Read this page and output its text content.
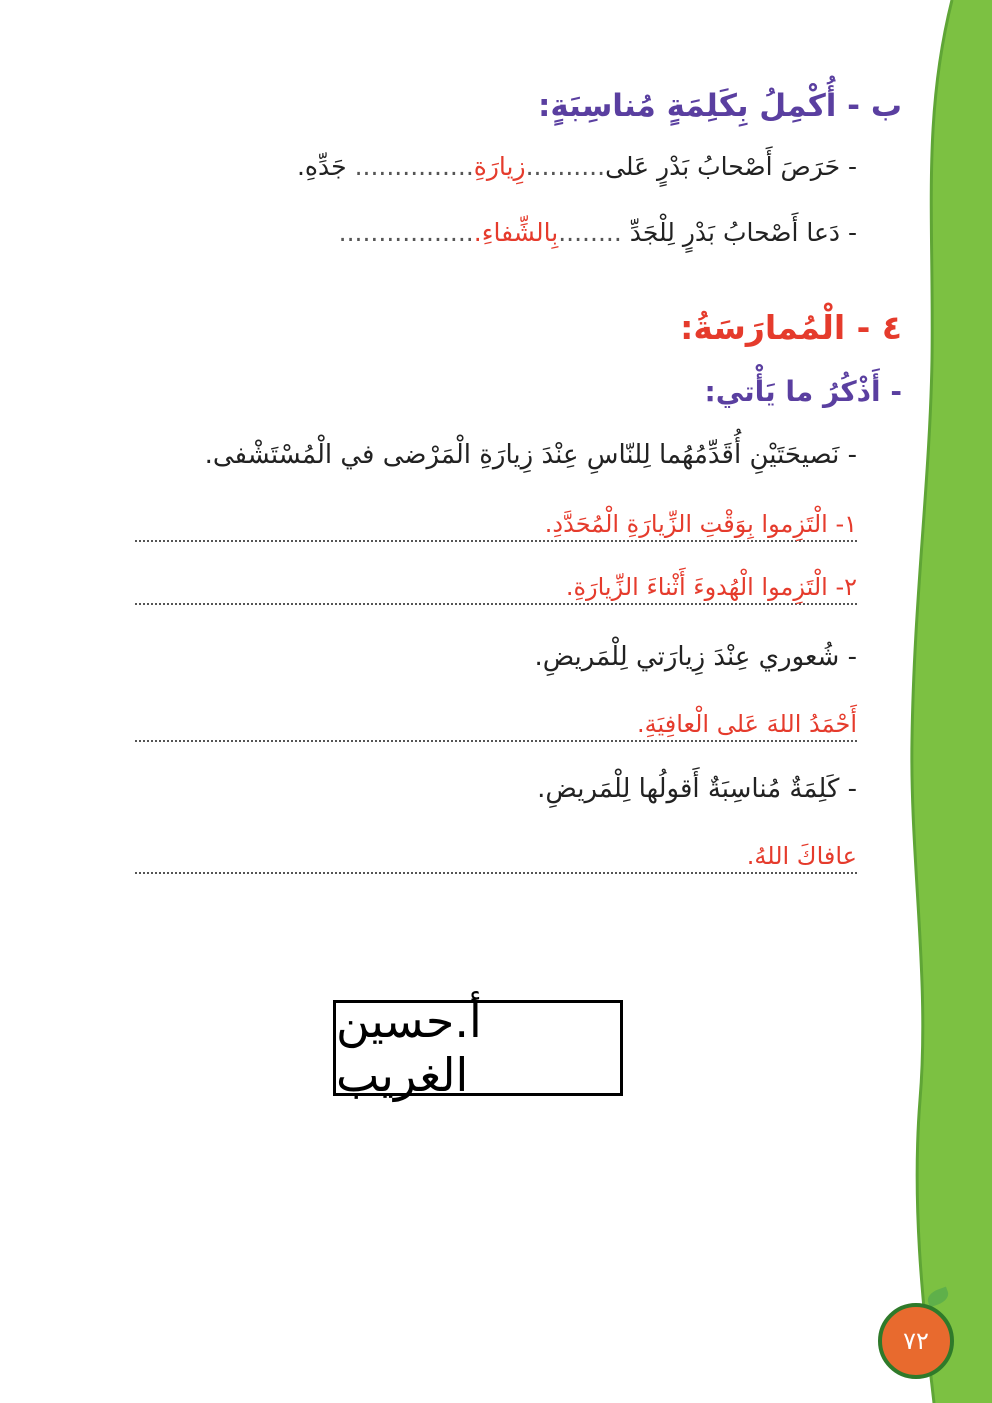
ب - أُكْمِلُ بِكَلِمَةٍ مُناسِبَةٍ:
- حَرَصَ أَصْحابُ بَدْرٍ عَلى..........زِيارَةِ............... جَدِّهِ.
- دَعا أَصْحابُ بَدْرٍ لِلْجَدِّ ........بِالشِّفاءِ..................
٤ - الْمُمارَسَةُ:
- أَذْكُرُ ما يَأْتي:
- نَصيحَتَيْنِ أُقَدِّمُهُما لِلنّاسِ عِنْدَ زِيارَةِ الْمَرْضى في الْمُسْتَشْفى.
١- الْتَزِموا بِوَقْتِ الزِّيارَةِ الْمُحَدَّدِ.
٢- الْتَزِموا الْهُدوءَ أَثْناءَ الزِّيارَةِ.
- شُعوري عِنْدَ زِيارَتي لِلْمَريضِ.
أَحْمَدُ اللهَ عَلى الْعافِيَةِ.
- كَلِمَةٌ مُناسِبَةٌ أَقولُها لِلْمَريضِ.
عافاكَ اللهُ.
أ.حسين الغريب
٧٢
